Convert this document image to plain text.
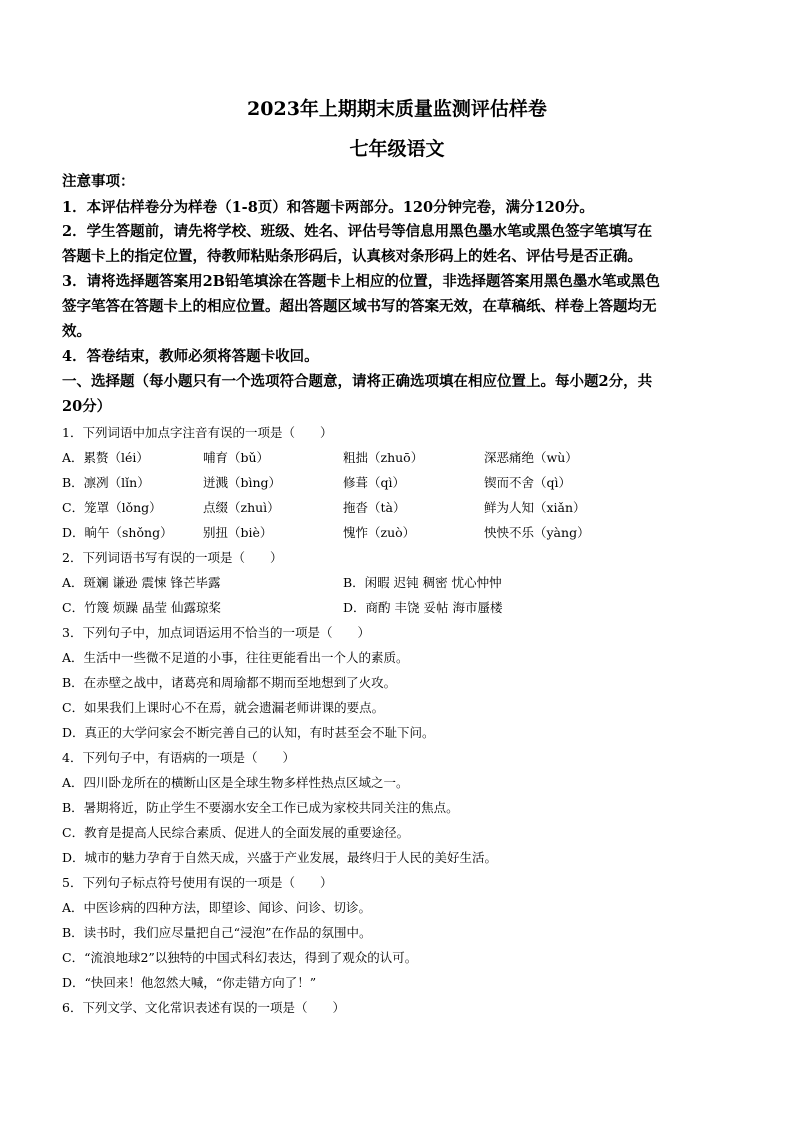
2023年上期期末质量监测评估样卷
七年级语文
注意事项：
1．本评估样卷分为样卷（1-8页）和答题卡两部分。120分钟完卷，满分120分。
2．学生答题前，请先将学校、班级、姓名、评估号等信息用黑色墨水笔或黑色签字笔填写在
答题卡上的指定位置，待教师粘贴条形码后，认真核对条形码上的姓名、评估号是否正确。
3．请将选择题答案用2B铅笔填涂在答题卡上相应的位置，非选择题答案用黑色墨水笔或黑色
签字笔答在答题卡上的相应位置。超出答题区域书写的答案无效，在草稿纸、样卷上答题均无
效。
4．答卷结束，教师必须将答题卡收回。
一、选择题（每小题只有一个选项符合题意，请将正确选项填在相应位置上。每小题2分，共
20分）
1．下列词语中加点字注音有误的一项是（　　）
A．累赘（léi）	哺育（bǔ）	粗拙（zhuō）	深恶痛绝（wù）
B．凛冽（lǐn）	迸溅（bìng）	修葺（qì）	锲而不舍（qì）
C．笼罩（lǒng）	点缀（zhuì）	拖沓（tà）	鲜为人知（xiǎn）
D．晌午（shǒng） 别扭（biè）	愧怍（zuò）	怏怏不乐（yàng）
2．下列词语书写有误的一项是（　　）
A．斑斓 谦逊 震悚 锋芒毕露	B．闲暇 迟钝 稠密 忧心忡忡
C．竹篾 烦躁 晶莹 仙露琼桨	D．商酌 丰饶 妥帖 海市蜃楼
3．下列句子中，加点词语运用不恰当的一项是（　　）
A．生活中一些微不足道的小事，往往更能看出一个人的素质。
B．在赤壁之战中，诸葛亮和周瑜都不期而至地想到了火攻。
C．如果我们上课时心不在焉，就会遗漏老师讲课的要点。
D．真正的大学问家会不断完善自己的认知，有时甚至会不耻下问。
4．下列句子中，有语病的一项是（　　）
A．四川卧龙所在的横断山区是全球生物多样性热点区域之一。
B．暑期将近，防止学生不要溺水安全工作已成为家校共同关注的焦点。
C．教育是提高人民综合素质、促进人的全面发展的重要途径。
D．城市的魅力孕育于自然天成，兴盛于产业发展，最终归于人民的美好生活。
5．下列句子标点符号使用有误的一项是（　　）
A．中医诊病的四种方法，即望诊、闻诊、问诊、切诊。
B．读书时，我们应尽量把自己“浸泡”在作品的氛围中。
C．“流浪地球2”以独特的中国式科幻表达，得到了观众的认可。
D．“快回来！他忽然大喊，“你走错方向了！”
6．下列文学、文化常识表述有误的一项是（　　）
